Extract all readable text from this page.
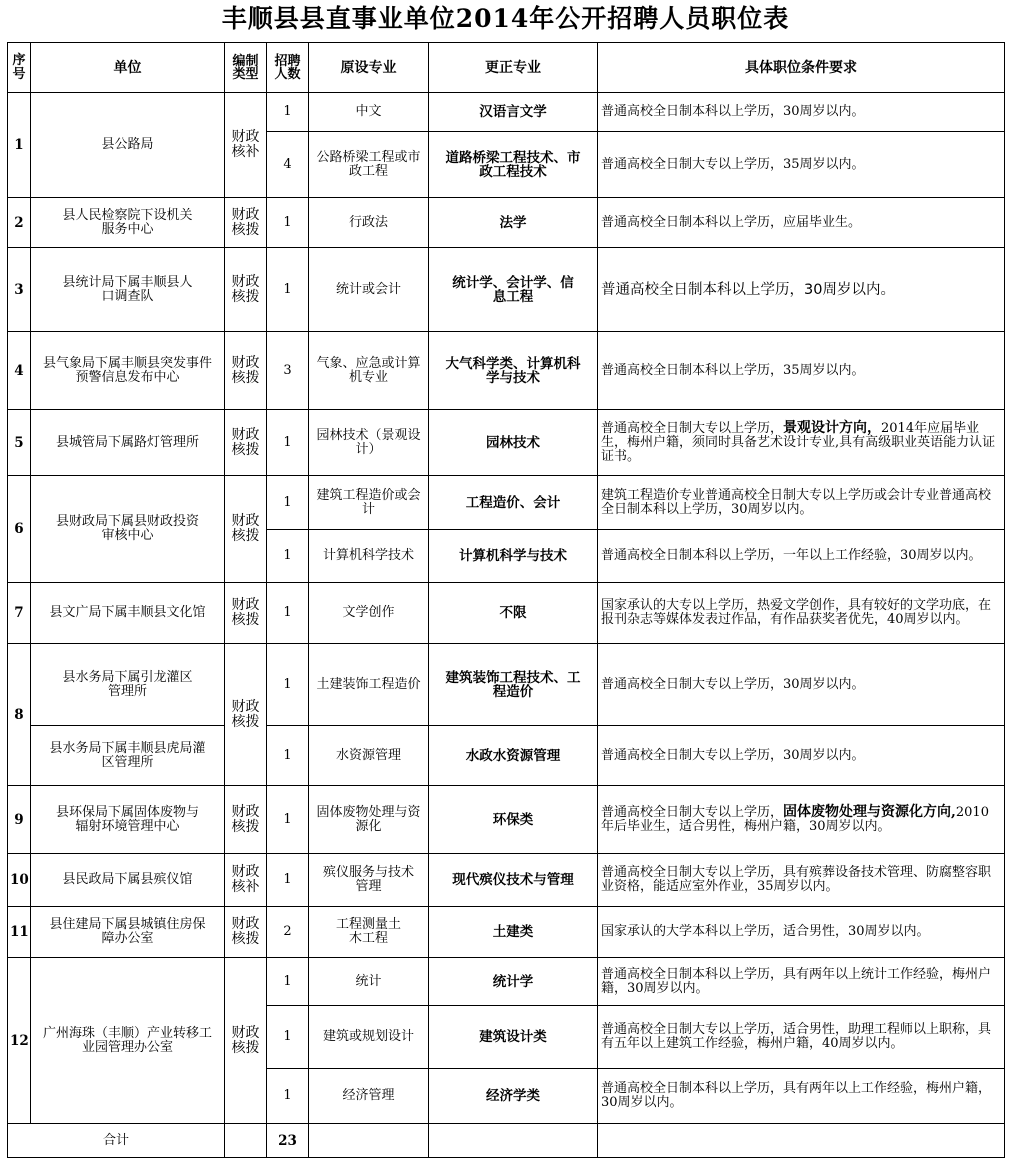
丰顺县县直事业单位2014年公开招聘人员职位表
序号	单位	编制类型	招聘人数	原设专业	更正专业	具体职位条件要求
1	县公路局	财政核补	1	中文	汉语言文学	普通高校全日制本科以上学历，30周岁以内。
			4	公路桥梁工程或市政工程	道路桥梁工程技术、市政工程技术	普通高校全日制大专以上学历，35周岁以内。
2	县人民检察院下设机关服务中心	财政核拨	1	行政法	法学	普通高校全日制本科以上学历，应届毕业生。
3	县统计局下属丰顺县人口调查队	财政核拨	1	统计或会计	统计学、会计学、信息工程	普通高校全日制本科以上学历，30周岁以内。
4	县气象局下属丰顺县突发事件预警信息发布中心	财政核拨	3	气象、应急或计算机专业	大气科学类、计算机科学与技术	普通高校全日制本科以上学历，35周岁以内。
5	县城管局下属路灯管理所	财政核拨	1	园林技术（景观设计）	园林技术	普通高校全日制大专以上学历，景观设计方向，2014年应届毕业生，梅州户籍，须同时具备艺术设计专业,具有高级职业英语能力认证证书。
6	县财政局下属县财政投资审核中心	财政核拨	1	建筑工程造价或会计	工程造价、会计	建筑工程造价专业普通高校全日制大专以上学历或会计专业普通高校全日制本科以上学历，30周岁以内。
			1	计算机科学技术	计算机科学与技术	普通高校全日制本科以上学历，一年以上工作经验，30周岁以内。
7	县文广局下属丰顺县文化馆	财政核拨	1	文学创作	不限	国家承认的大专以上学历，热爱文学创作，具有较好的文学功底，在报刊杂志等媒体发表过作品，有作品获奖者优先，40周岁以内。
8	县水务局下属引龙灌区管理所	财政核拨	1	土建装饰工程造价	建筑装饰工程技术、工程造价	普通高校全日制大专以上学历，30周岁以内。
	县水务局下属丰顺县虎局灌区管理所		1	水资源管理	水政水资源管理	普通高校全日制大专以上学历，30周岁以内。
9	县环保局下属固体废物与辐射环境管理中心	财政核拨	1	固体废物处理与资源化	环保类	普通高校全日制大专以上学历，固体废物处理与资源化方向,2010年后毕业生，适合男性，梅州户籍，30周岁以内。
10	县民政局下属县殡仪馆	财政核补	1	殡仪服务与技术管理	现代殡仪技术与管理	普通高校全日制大专以上学历，具有殡葬设备技术管理、防腐整容职业资格，能适应室外作业，35周岁以内。
11	县住建局下属县城镇住房保障办公室	财政核拨	2	工程测量土木工程	土建类	国家承认的大学本科以上学历，适合男性，30周岁以内。
12	广州海珠（丰顺）产业转移工业园管理办公室	财政核拨	1	统计	统计学	普通高校全日制本科以上学历，具有两年以上统计工作经验，梅州户籍，30周岁以内。
			1	建筑或规划设计	建筑设计类	普通高校全日制大专以上学历，适合男性，助理工程师以上职称，具有五年以上建筑工作经验，梅州户籍，40周岁以内。
			1	经济管理	经济学类	普通高校全日制本科以上学历，具有两年以上工作经验，梅州户籍，30周岁以内。
合计			23			
